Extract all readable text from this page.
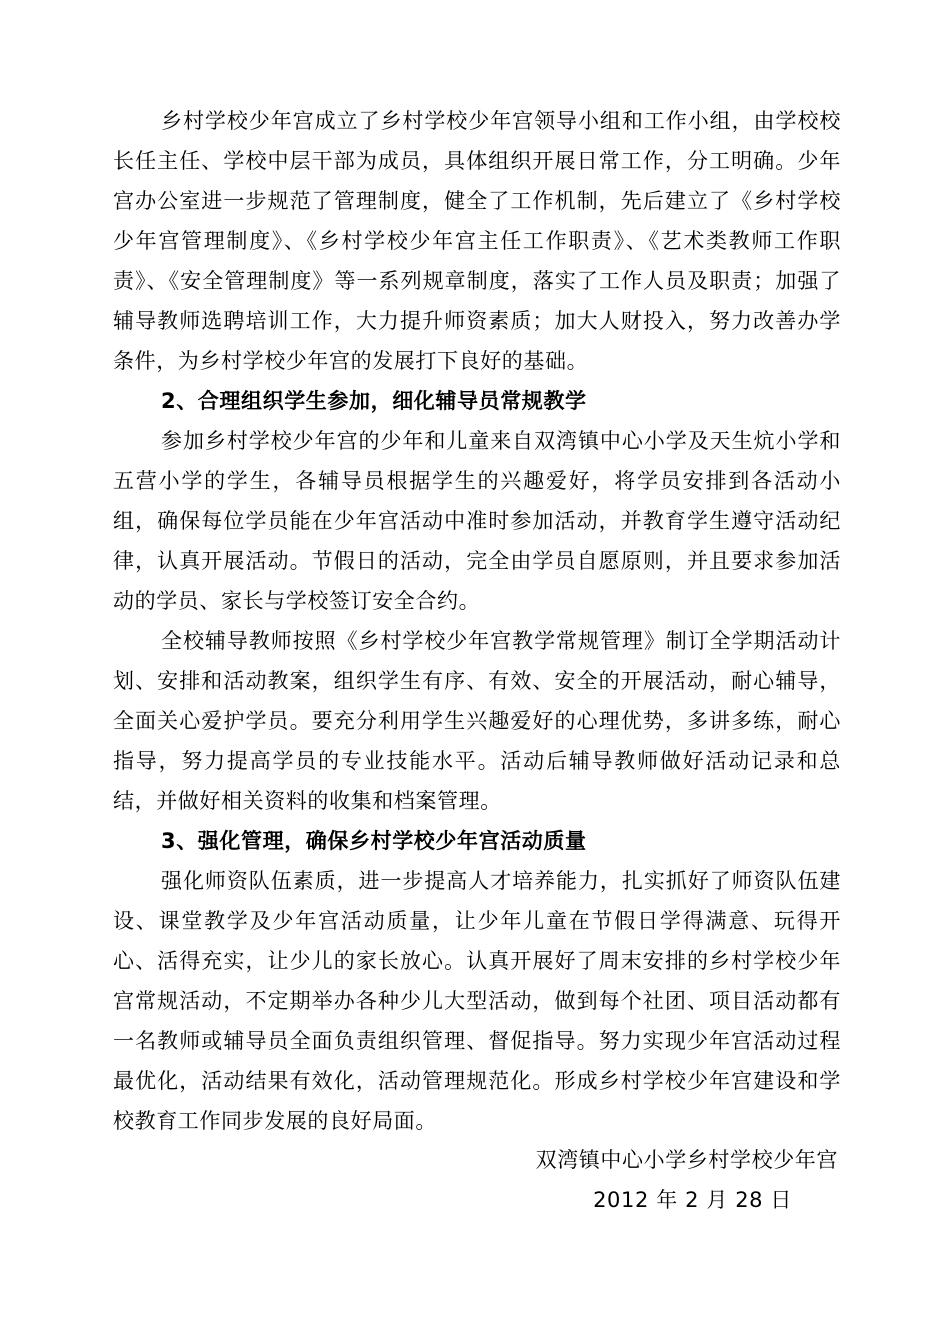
乡村学校少年宫成立了乡村学校少年宫领导小组和工作小组，由学校校长任主任、学校中层干部为成员，具体组织开展日常工作，分工明确。少年宫办公室进一步规范了管理制度，健全了工作机制，先后建立了《乡村学校少年宫管理制度》、《乡村学校少年宫主任工作职责》、《艺术类教师工作职责》、《安全管理制度》等一系列规章制度，落实了工作人员及职责；加强了辅导教师选聘培训工作，大力提升师资素质；加大人财投入，努力改善办学条件，为乡村学校少年宫的发展打下良好的基础。

2、合理组织学生参加，细化辅导员常规教学

参加乡村学校少年宫的少年和儿童来自双湾镇中心小学及天生炕小学和五营小学的学生，各辅导员根据学生的兴趣爱好，将学员安排到各活动小组，确保每位学员能在少年宫活动中准时参加活动，并教育学生遵守活动纪律，认真开展活动。节假日的活动，完全由学员自愿原则，并且要求参加活动的学员、家长与学校签订安全合约。

全校辅导教师按照《乡村学校少年宫教学常规管理》制订全学期活动计划、安排和活动教案，组织学生有序、有效、安全的开展活动，耐心辅导，全面关心爱护学员。要充分利用学生兴趣爱好的心理优势，多讲多练，耐心指导，努力提高学员的专业技能水平。活动后辅导教师做好活动记录和总结，并做好相关资料的收集和档案管理。

3、强化管理，确保乡村学校少年宫活动质量

强化师资队伍素质，进一步提高人才培养能力，扎实抓好了师资队伍建设、课堂教学及少年宫活动质量，让少年儿童在节假日学得满意、玩得开心、活得充实，让少儿的家长放心。认真开展好了周末安排的乡村学校少年宫常规活动，不定期举办各种少儿大型活动，做到每个社团、项目活动都有一名教师或辅导员全面负责组织管理、督促指导。努力实现少年宫活动过程最优化，活动结果有效化，活动管理规范化。形成乡村学校少年宫建设和学校教育工作同步发展的良好局面。

双湾镇中心小学乡村学校少年宫
2012 年 2 月 28 日
